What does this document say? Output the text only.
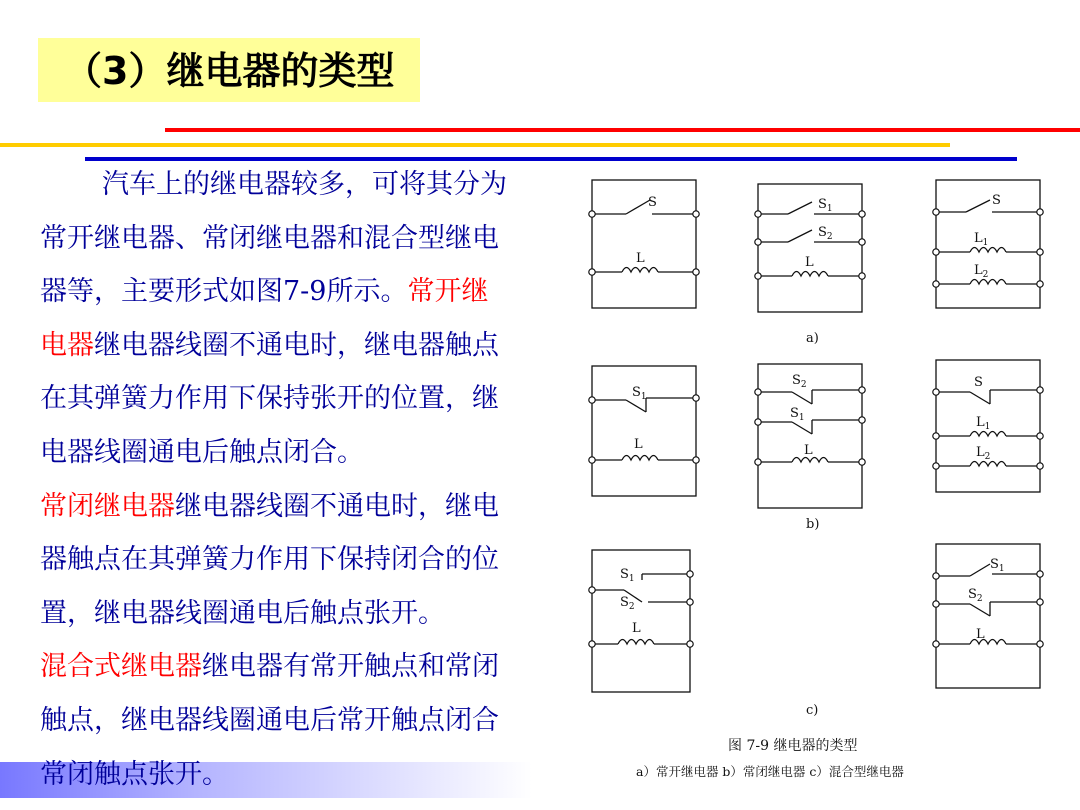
（3）继电器的类型

汽车上的继电器较多，可将其分为

常开继电器、常闭继电器和混合型继电

器等，主要形式如图7-9所示。常开继

电器继电器线圈不通电时，继电器触点

在其弹簧力作用下保持张开的位置，继

电器线圈通电后触点闭合。

常闭继电器继电器线圈不通电时，继电

器触点在其弹簧力作用下保持闭合的位

置，继电器线圈通电后触点张开。

混合式继电器继电器有常开触点和常闭

触点，继电器线圈通电后常开触点闭合

常闭触点张开。

S
L
$S_1$
$S_2$
L
S
$L_1$
$L_2$
a)
$S_1$
L
$S_2$
$S_1$
L
S
$L_1$
$L_2$
b)
$S_1$
$S_2$
L
$S_1$
$S_2$
L
c)
图 7-9 继电器的类型
a）常开继电器 b）常闭继电器 c）混合型继电器
